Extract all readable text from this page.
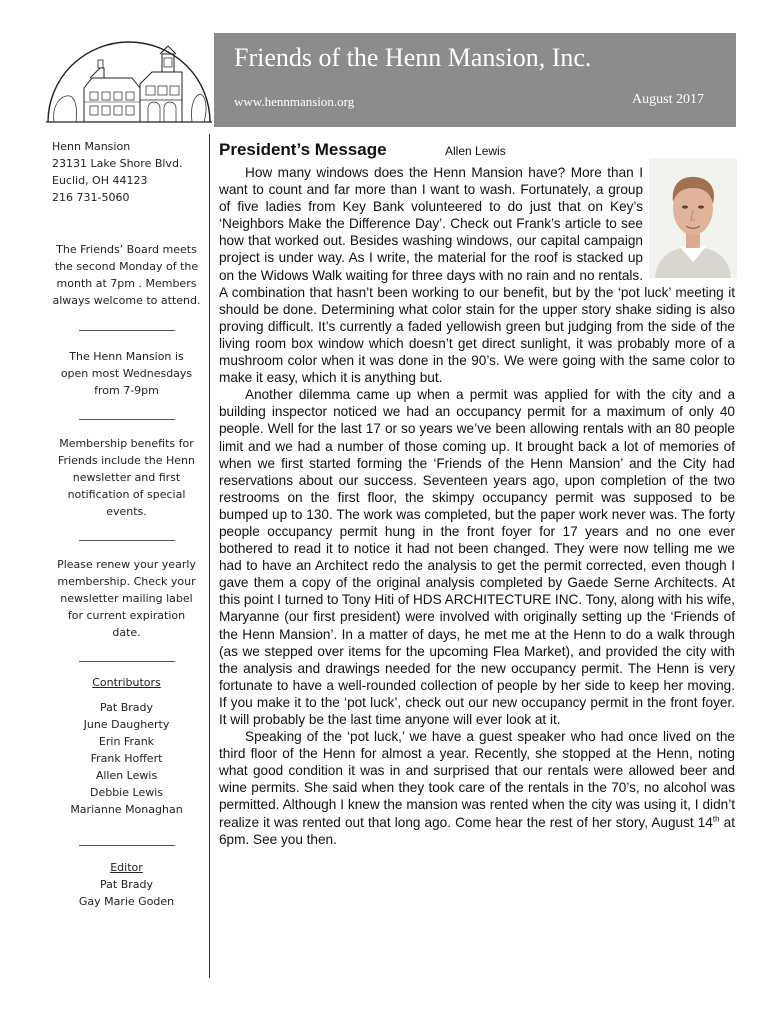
Friends of the Henn Mansion, Inc.
www.hennmansion.org	August 2017
Henn Mansion
23131 Lake Shore Blvd.
Euclid, OH 44123
216 731-5060
The Friends’ Board meets
the second Monday of the
month at 7pm . Members
always welcome to attend.
The Henn Mansion is
open most Wednesdays
from 7-9pm
Membership benefits for
Friends include the Henn
newsletter and first
notification of special
events.
Please renew your yearly
membership. Check your
newsletter mailing label
for current expiration
date.
Contributors
Pat Brady
June Daugherty
Erin Frank
Frank Hoffert
Allen Lewis
Debbie Lewis
Marianne Monaghan
Editor
Pat Brady
Gay Marie Goden
President’s Message	Allen Lewis

How many windows does the Henn Mansion have? More than I want to count and far more than I want to wash. Fortunately, a group of five ladies from Key Bank volunteered to do just that on Key’s ‘Neighbors Make the Difference Day’. Check out Frank’s article to see how that worked out. Besides washing windows, our capital campaign project is under way. As I write, the material for the roof is stacked up on the Widows Walk waiting for three days with no rain and no rentals. A combination that hasn’t been working to our benefit, but by the ‘pot luck’ meeting it should be done. Determining what color stain for the upper story shake siding is also proving difficult. It’s currently a faded yellowish green but judging from the side of the living room box window which doesn’t get direct sunlight, it was probably more of a mushroom color when it was done in the 90’s. We were going with the same color to make it easy, which it is anything but.

Another dilemma came up when a permit was applied for with the city and a building inspector noticed we had an occupancy permit for a maximum of only 40 people. Well for the last 17 or so years we’ve been allowing rentals with an 80 people limit and we had a number of those coming up. It brought back a lot of memories of when we first started forming the ‘Friends of the Henn Mansion’ and the City had reservations about our success. Seventeen years ago, upon completion of the two restrooms on the first floor, the skimpy occupancy permit was supposed to be bumped up to 130. The work was completed, but the paper work never was. The forty people occupancy permit hung in the front foyer for 17 years and no one ever bothered to read it to notice it had not been changed. They were now telling me we had to have an Architect redo the analysis to get the permit corrected, even though I gave them a copy of the original analysis completed by Gaede Serne Architects. At this point I turned to Tony Hiti of HDS ARCHITECTURE INC. Tony, along with his wife, Maryanne (our first president) were involved with originally setting up the ‘Friends of the Henn Mansion’. In a matter of days, he met me at the Henn to do a walk through (as we stepped over items for the upcoming Flea Market), and provided the city with the analysis and drawings needed for the new occupancy permit. The Henn is very fortunate to have a well-rounded collection of people by her side to keep her moving. If you make it to the ‘pot luck’, check out our new occupancy permit in the front foyer. It will probably be the last time anyone will ever look at it.

Speaking of the ‘pot luck,’ we have a guest speaker who had once lived on the third floor of the Henn for almost a year. Recently, she stopped at the Henn, noting what good condition it was in and surprised that our rentals were allowed beer and wine permits. She said when they took care of the rentals in the 70’s, no alcohol was permitted. Although I knew the mansion was rented when the city was using it, I didn’t realize it was rented out that long ago. Come hear the rest of her story, August 14th at 6pm. See you then.
